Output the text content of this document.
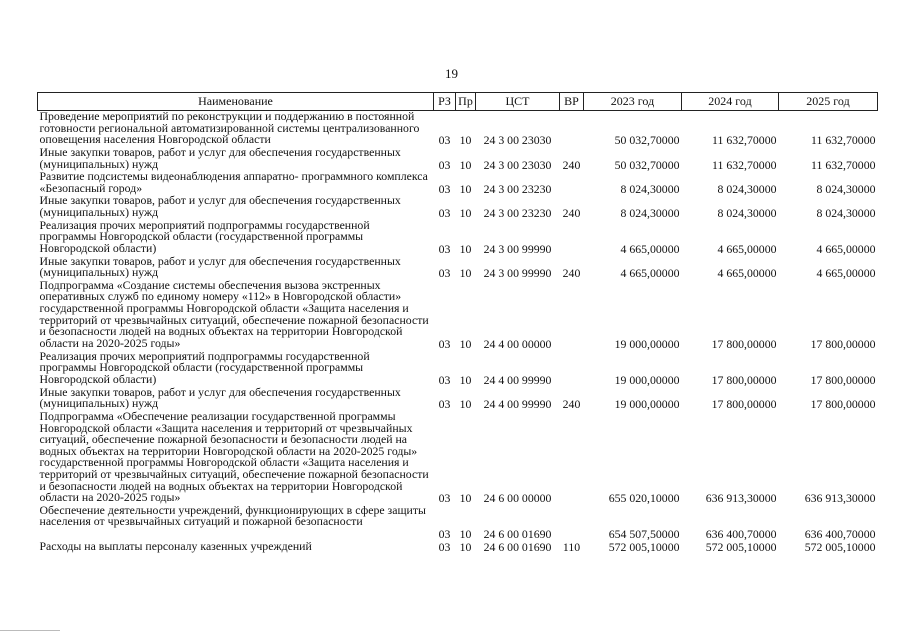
19
Наименование	РЗ	Пр	ЦСТ	ВР	2023 год	2024 год	2025 год
Проведение мероприятий по реконструкции и поддержанию в постоянной готовности региональной автоматизированной системы централизованного оповещения населения Новгородской области	03	10	24 3 00 23030		50 032,70000	11 632,70000	11 632,70000
Иные закупки товаров, работ и услуг для обеспечения государственных (муниципальных) нужд	03	10	24 3 00 23030	240	50 032,70000	11 632,70000	11 632,70000
Развитие подсистемы видеонаблюдения аппаратно- программного комплекса «Безопасный город»	03	10	24 3 00 23230		8 024,30000	8 024,30000	8 024,30000
Иные закупки товаров, работ и услуг для обеспечения государственных (муниципальных) нужд	03	10	24 3 00 23230	240	8 024,30000	8 024,30000	8 024,30000
Реализация прочих мероприятий подпрограммы государственной программы Новгородской области (государственной программы Новгородской области)	03	10	24 3 00 99990		4 665,00000	4 665,00000	4 665,00000
Иные закупки товаров, работ и услуг для обеспечения государственных (муниципальных) нужд	03	10	24 3 00 99990	240	4 665,00000	4 665,00000	4 665,00000
Подпрограмма «Создание системы обеспечения вызова экстренных оперативных служб по единому номеру «112» в Новгородской области» государственной программы Новгородской области «Защита населения и территорий от чрезвычайных ситуаций, обеспечение пожарной безопасности и безопасности людей на водных объектах на территории Новгородской области на 2020-2025 годы»	03	10	24 4 00 00000		19 000,00000	17 800,00000	17 800,00000
Реализация прочих мероприятий подпрограммы государственной программы Новгородской области (государственной программы Новгородской области)	03	10	24 4 00 99990		19 000,00000	17 800,00000	17 800,00000
Иные закупки товаров, работ и услуг для обеспечения государственных (муниципальных) нужд	03	10	24 4 00 99990	240	19 000,00000	17 800,00000	17 800,00000
Подпрограмма «Обеспечение реализации государственной программы Новгородской области «Защита населения и территорий от чрезвычайных ситуаций, обеспечение пожарной безопасности и безопасности людей на водных объектах на территории Новгородской области на 2020-2025 годы» государственной программы Новгородской области «Защита населения и территорий от чрезвычайных ситуаций, обеспечение пожарной безопасности и безопасности людей на водных объектах на территории Новгородской области на 2020-2025 годы»	03	10	24 6 00 00000		655 020,10000	636 913,30000	636 913,30000
Обеспечение деятельности учреждений, функционирующих в сфере защиты населения от чрезвычайных ситуаций и пожарной безопасности	03	10	24 6 00 01690		654 507,50000	636 400,70000	636 400,70000
Расходы на выплаты персоналу казенных учреждений	03	10	24 6 00 01690	110	572 005,10000	572 005,10000	572 005,10000
